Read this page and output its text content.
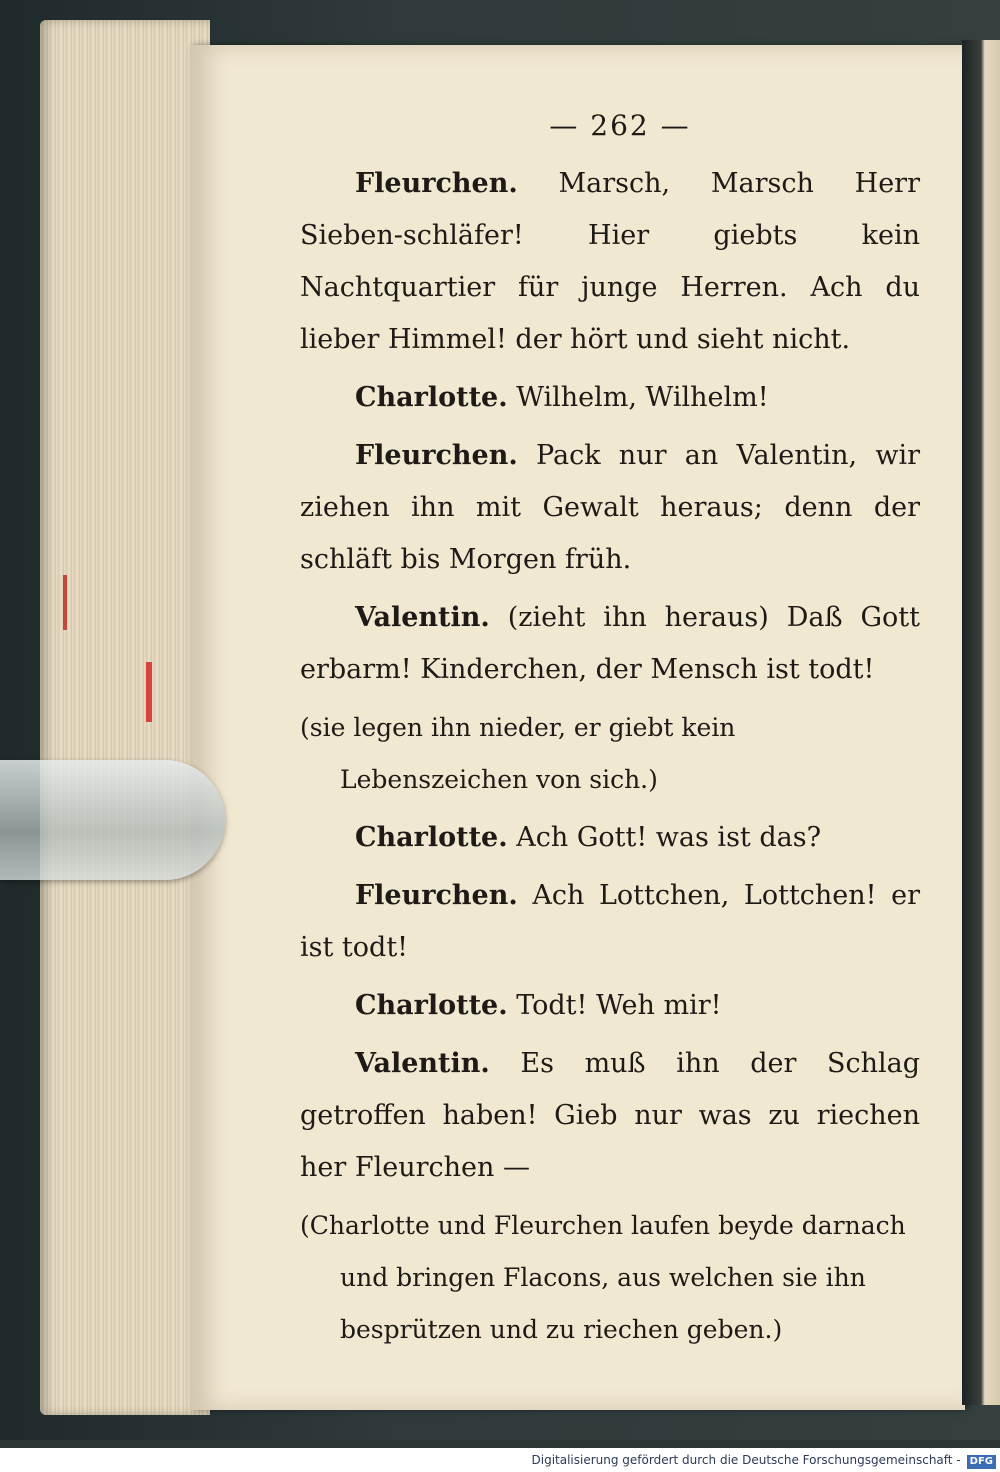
— 262 —

Fleurchen. Marsch, Marsch Herr Sieben-schläfer! Hier giebts kein Nachtquartier für junge Herren. Ach du lieber Himmel! der hört und sieht nicht.

Charlotte. Wilhelm, Wilhelm!

Fleurchen. Pack nur an Valentin, wir ziehen ihn mit Gewalt heraus; denn der schläft bis Morgen früh.

Valentin. (zieht ihn heraus) Daß Gott erbarm! Kinderchen, der Mensch ist todt!

(sie legen ihn nieder, er giebt kein Lebenszeichen von sich.)

Charlotte. Ach Gott! was ist das?

Fleurchen. Ach Lottchen, Lottchen! er ist todt!

Charlotte. Todt! Weh mir!

Valentin. Es muß ihn der Schlag getroffen haben! Gieb nur was zu riechen her Fleurchen —

(Charlotte und Fleurchen laufen beyde darnach und bringen Flacons, aus welchen sie ihn besprützen und zu riechen geben.)

Digitalisierung gefördert durch die Deutsche Forschungsgemeinschaft - DFG
